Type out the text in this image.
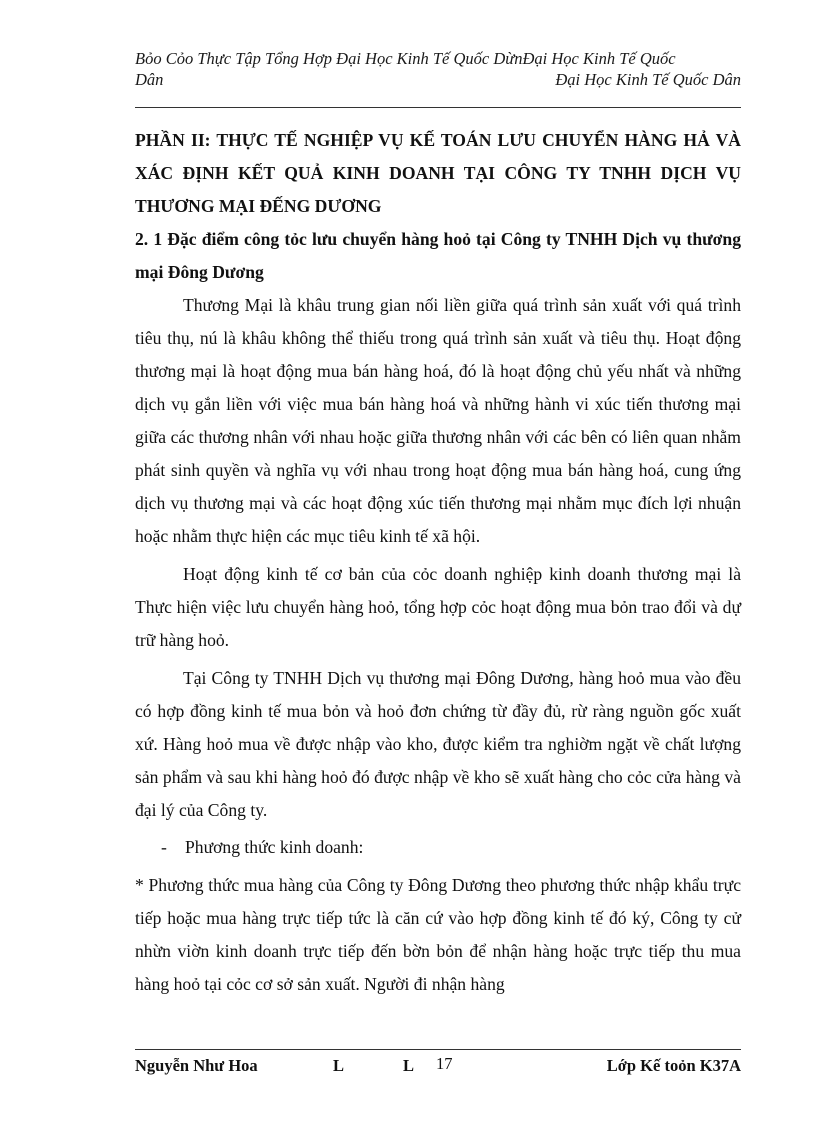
Bỏo Cỏo Thực Tập Tổng Hợp Đại Học Kinh Tế Quốc DừnĐại Học Kinh Tế Quốc
Dân	Đại Học Kinh Tế Quốc Dân

PHẦN II: THỰC TẾ NGHIỆP VỤ KẾ TOÁN LƯU CHUYỂN HÀNG HẢ VÀ XÁC ĐỊNH KẾT QUẢ KINH DOANH TẠI CÔNG TY TNHH DỊCH VỤ THƯƠNG MẠI ĐẾNG DƯƠNG

2. 1 Đặc điểm công tỏc lưu chuyển hàng hoỏ tại Công ty TNHH Dịch vụ thương mại Đông Dương

Thương Mại là khâu trung gian nối liền giữa quá trình sản xuất với quá trình tiêu thụ, nú là khâu không thể thiếu trong quá trình sản xuất và tiêu thụ. Hoạt động thương mại là hoạt động mua bán hàng hoá, đó là hoạt động chủ yếu nhất và những dịch vụ gắn liền với việc mua bán hàng hoá và những hành vi xúc tiến thương mại giữa các thương nhân với nhau hoặc giữa thương nhân với các bên có liên quan nhằm phát sinh quyền và nghĩa vụ với nhau trong hoạt động mua bán hàng hoá, cung ứng dịch vụ thương mại và các hoạt động xúc tiến thương mại nhằm mục đích lợi nhuận hoặc nhằm thực hiện các mục tiêu kinh tế xã hội.

Hoạt động kinh tế cơ bản của cỏc doanh nghiệp kinh doanh thương mại là Thực hiện việc lưu chuyển hàng hoỏ, tổng hợp cỏc hoạt động mua bỏn trao đổi và dự trữ hàng hoỏ.

Tại Công ty TNHH Dịch vụ thương mại Đông Dương, hàng hoỏ mua vào đều có hợp đồng kinh tế mua bỏn và hoỏ đơn chứng từ đầy đủ, rừ ràng nguồn gốc xuất xứ. Hàng hoỏ mua về được nhập vào kho, được kiểm tra nghiờm ngặt về chất lượng sản phẩm và sau khi hàng hoỏ đó được nhập về kho sẽ xuất hàng cho cỏc cửa hàng và đại lý của Công ty.

-	Phương thức kinh doanh:

* Phương thức mua hàng của Công ty Đông Dương theo phương thức nhập khẩu trực tiếp hoặc mua hàng trực tiếp tức là căn cứ vào hợp đồng kinh tế đó ký, Công ty cử nhừn viờn kinh doanh trực tiếp đến bờn bỏn để nhận hàng hoặc trực tiếp thu mua hàng hoỏ tại cỏc cơ sở sản xuất. Người đi nhận hàng

Nguyễn Như Hoa	L	L 17	Lớp Kế toỏn K37A
